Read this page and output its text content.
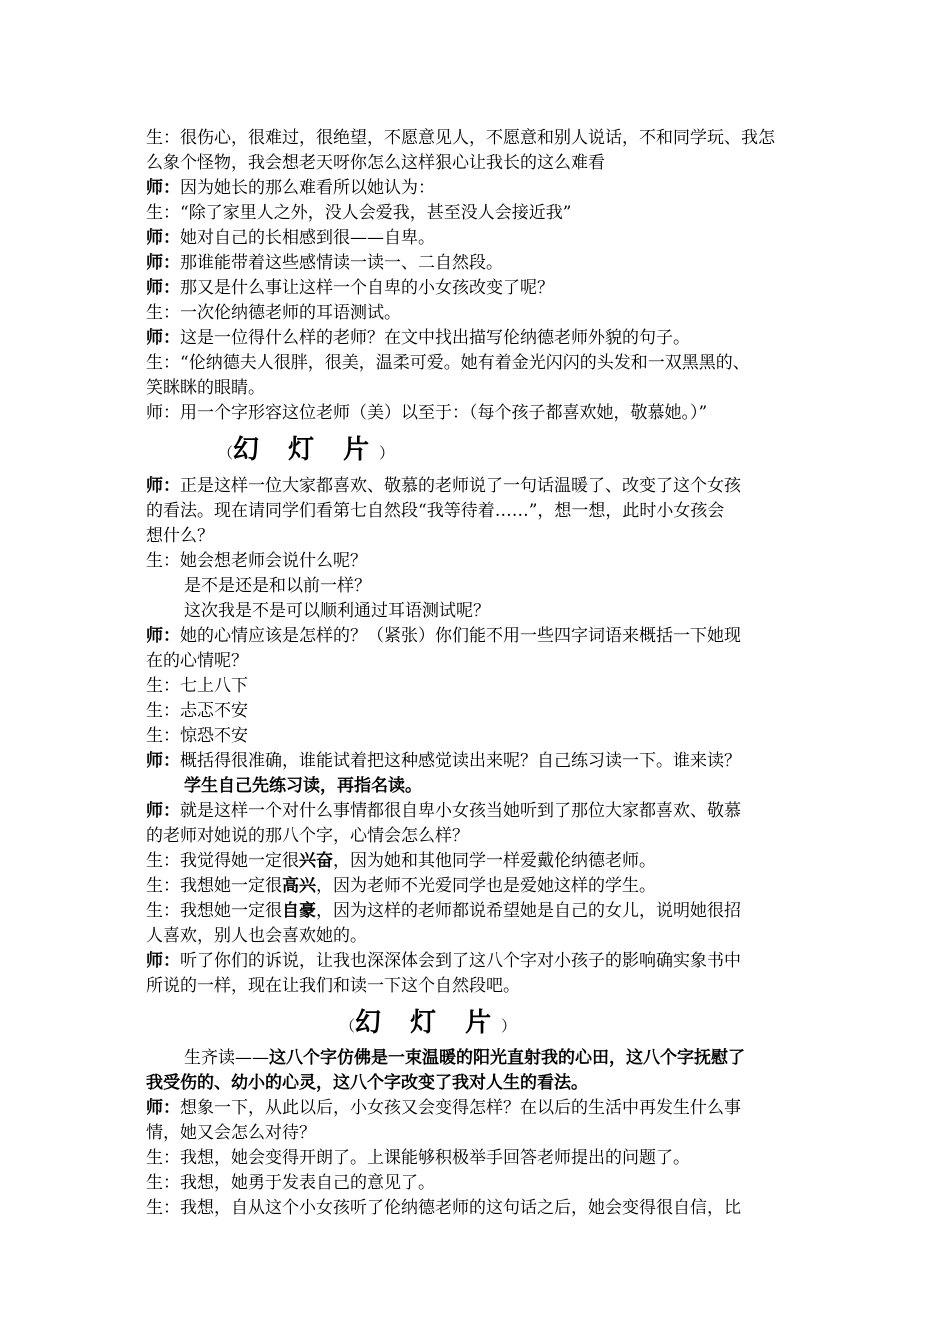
生：很伤心，很难过，很绝望，不愿意见人，不愿意和别人说话，不和同学玩、我怎
么象个怪物，我会想老天呀你怎么这样狠心让我长的这么难看
师：因为她长的那么难看所以她认为：
生：“除了家里人之外，没人会爱我，甚至没人会接近我”
师：她对自己的长相感到很——自卑。
师：那谁能带着这些感情读一读一、二自然段。
师：那又是什么事让这样一个自卑的小女孩改变了呢？
生：一次伦纳德老师的耳语测试。
师：这是一位得什么样的老师？在文中找出描写伦纳德老师外貌的句子。
生：“伦纳德夫人很胖，很美，温柔可爱。她有着金光闪闪的头发和一双黑黑的、
笑眯眯的眼睛。
师：用一个字形容这位老师（美）以至于：（每个孩子都喜欢她，敬慕她。）”
（幻 灯 片）
师：正是这样一位大家都喜欢、敬慕的老师说了一句话温暖了、改变了这个女孩
的看法。现在请同学们看第七自然段“我等待着……”，想一想，此时小女孩会
想什么？
生：她会想老师会说什么呢？
是不是还是和以前一样？
这次我是不是可以顺利通过耳语测试呢？
师：她的心情应该是怎样的？（紧张）你们能不用一些四字词语来概括一下她现
在的心情呢？
生：七上八下
生：忐忑不安
生：惊恐不安
师：概括得很准确，谁能试着把这种感觉读出来呢？自己练习读一下。谁来读？
学生自己先练习读，再指名读。
师：就是这样一个对什么事情都很自卑小女孩当她听到了那位大家都喜欢、敬慕
的老师对她说的那八个字，心情会怎么样？
生：我觉得她一定很兴奋，因为她和其他同学一样爱戴伦纳德老师。
生：我想她一定很高兴，因为老师不光爱同学也是爱她这样的学生。
生：我想她一定很自豪，因为这样的老师都说希望她是自己的女儿，说明她很招
人喜欢，别人也会喜欢她的。
师：听了你们的诉说，让我也深深体会到了这八个字对小孩子的影响确实象书中
所说的一样，现在让我们和读一下这个自然段吧。
（幻 灯 片）
生齐读——这八个字仿佛是一束温暖的阳光直射我的心田，这八个字抚慰了
我受伤的、幼小的心灵，这八个字改变了我对人生的看法。
师：想象一下，从此以后，小女孩又会变得怎样？在以后的生活中再发生什么事
情，她又会怎么对待？
生：我想，她会变得开朗了。上课能够积极举手回答老师提出的问题了。
生：我想，她勇于发表自己的意见了。
生：我想，自从这个小女孩听了伦纳德老师的这句话之后，她会变得很自信，比
